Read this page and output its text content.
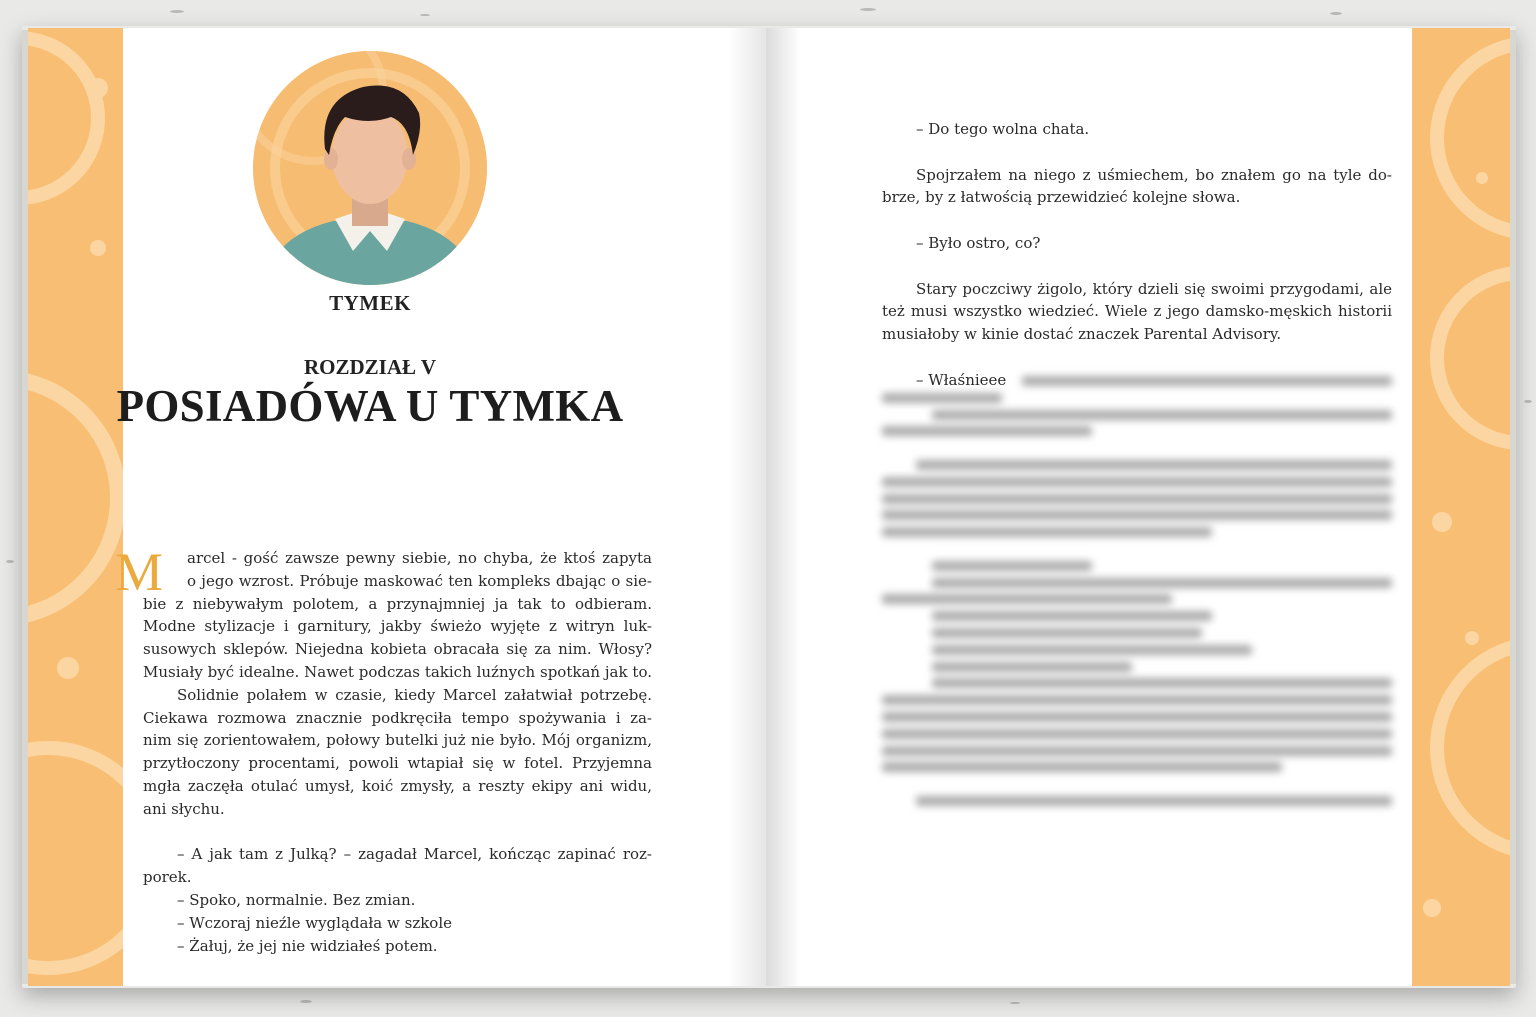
TYMEK
ROZDZIAŁ V
POSIADÓWA U TYMKA
M arcel - gość zawsze pewny siebie, no chyba, że ktoś zapyta
o jego wzrost. Próbuje maskować ten kompleks dbając o sie-
bie z niebywałym polotem, a przynajmniej ja tak to odbieram.
Modne stylizacje i garnitury, jakby świeżo wyjęte z witryn luk-
susowych sklepów. Niejedna kobieta obracała się za nim. Włosy?
Musiały być idealne. Nawet podczas takich luźnych spotkań jak to.
Solidnie polałem w czasie, kiedy Marcel załatwiał potrzebę.
Ciekawa rozmowa znacznie podkręciła tempo spożywania i za-
nim się zorientowałem, połowy butelki już nie było. Mój organizm,
przytłoczony procentami, powoli wtapiał się w fotel. Przyjemna
mgła zaczęła otulać umysł, koić zmysły, a reszty ekipy ani widu,
ani słychu.
– A jak tam z Julką? – zagadał Marcel, kończąc zapinać roz-
porek.
– Spoko, normalnie. Bez zmian.
– Wczoraj nieźle wyglądała w szkole
– Żałuj, że jej nie widziałeś potem.
– Do tego wolna chata.
Spojrzałem na niego z uśmiechem, bo znałem go na tyle do-
brze, by z łatwością przewidzieć kolejne słowa.
– Było ostro, co?
Stary poczciwy żigolo, który dzieli się swoimi przygodami, ale
też musi wszystko wiedzieć. Wiele z jego damsko-męskich historii
musiałoby w kinie dostać znaczek Parental Advisory.
– Właśnieee
